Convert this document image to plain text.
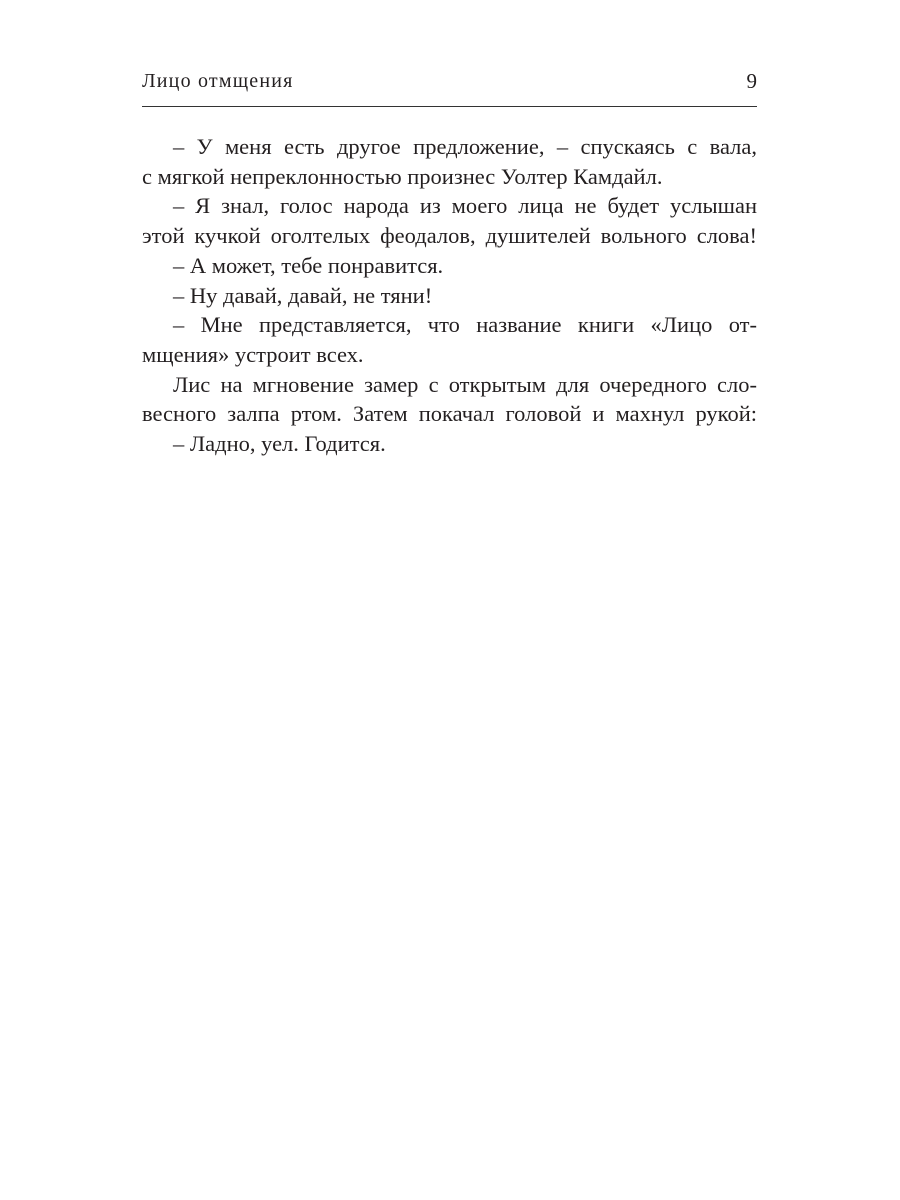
Лицо отмщения	9
– У меня есть другое предложение, – спускаясь с вала,
с мягкой непреклонностью произнес Уолтер Камдайл.
– Я знал, голос народа из моего лица не будет услышан
этой кучкой оголтелых феодалов, душителей вольного слова!
– А может, тебе понравится.
– Ну давай, давай, не тяни!
– Мне представляется, что название книги «Лицо от-
мщения» устроит всех.
Лис на мгновение замер с открытым для очередного сло-
весного залпа ртом. Затем покачал головой и махнул рукой:
– Ладно, уел. Годится.
